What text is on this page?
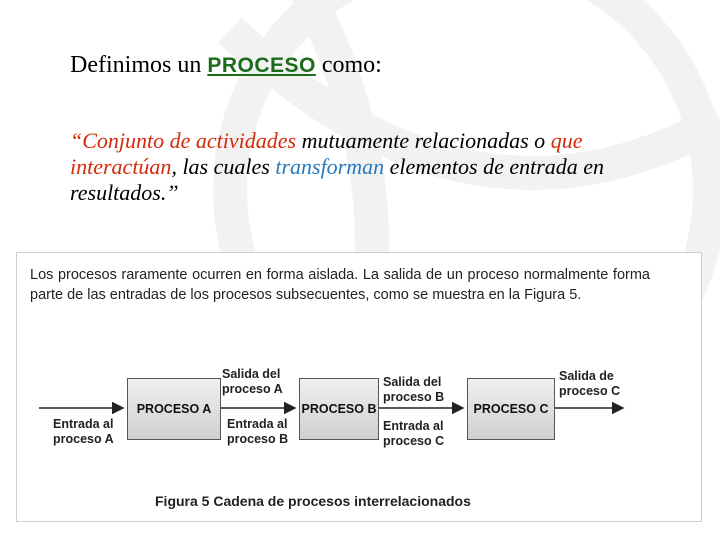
Definimos un PROCESO como:
“Conjunto de actividades mutuamente relacionadas o que interactúan, las cuales transforman elementos de entrada en resultados.”
Los procesos raramente ocurren en forma aislada. La salida de un proceso normalmente forma parte de las entradas de los procesos subsecuentes, como se muestra en la Figura 5.
PROCESO A	PROCESO B	PROCESO C
Entrada al
proceso A
Salida del
proceso A
Entrada al
proceso B
Salida del
proceso B
Entrada al
proceso C
Salida de
proceso C
Figura 5 Cadena de procesos interrelacionados
